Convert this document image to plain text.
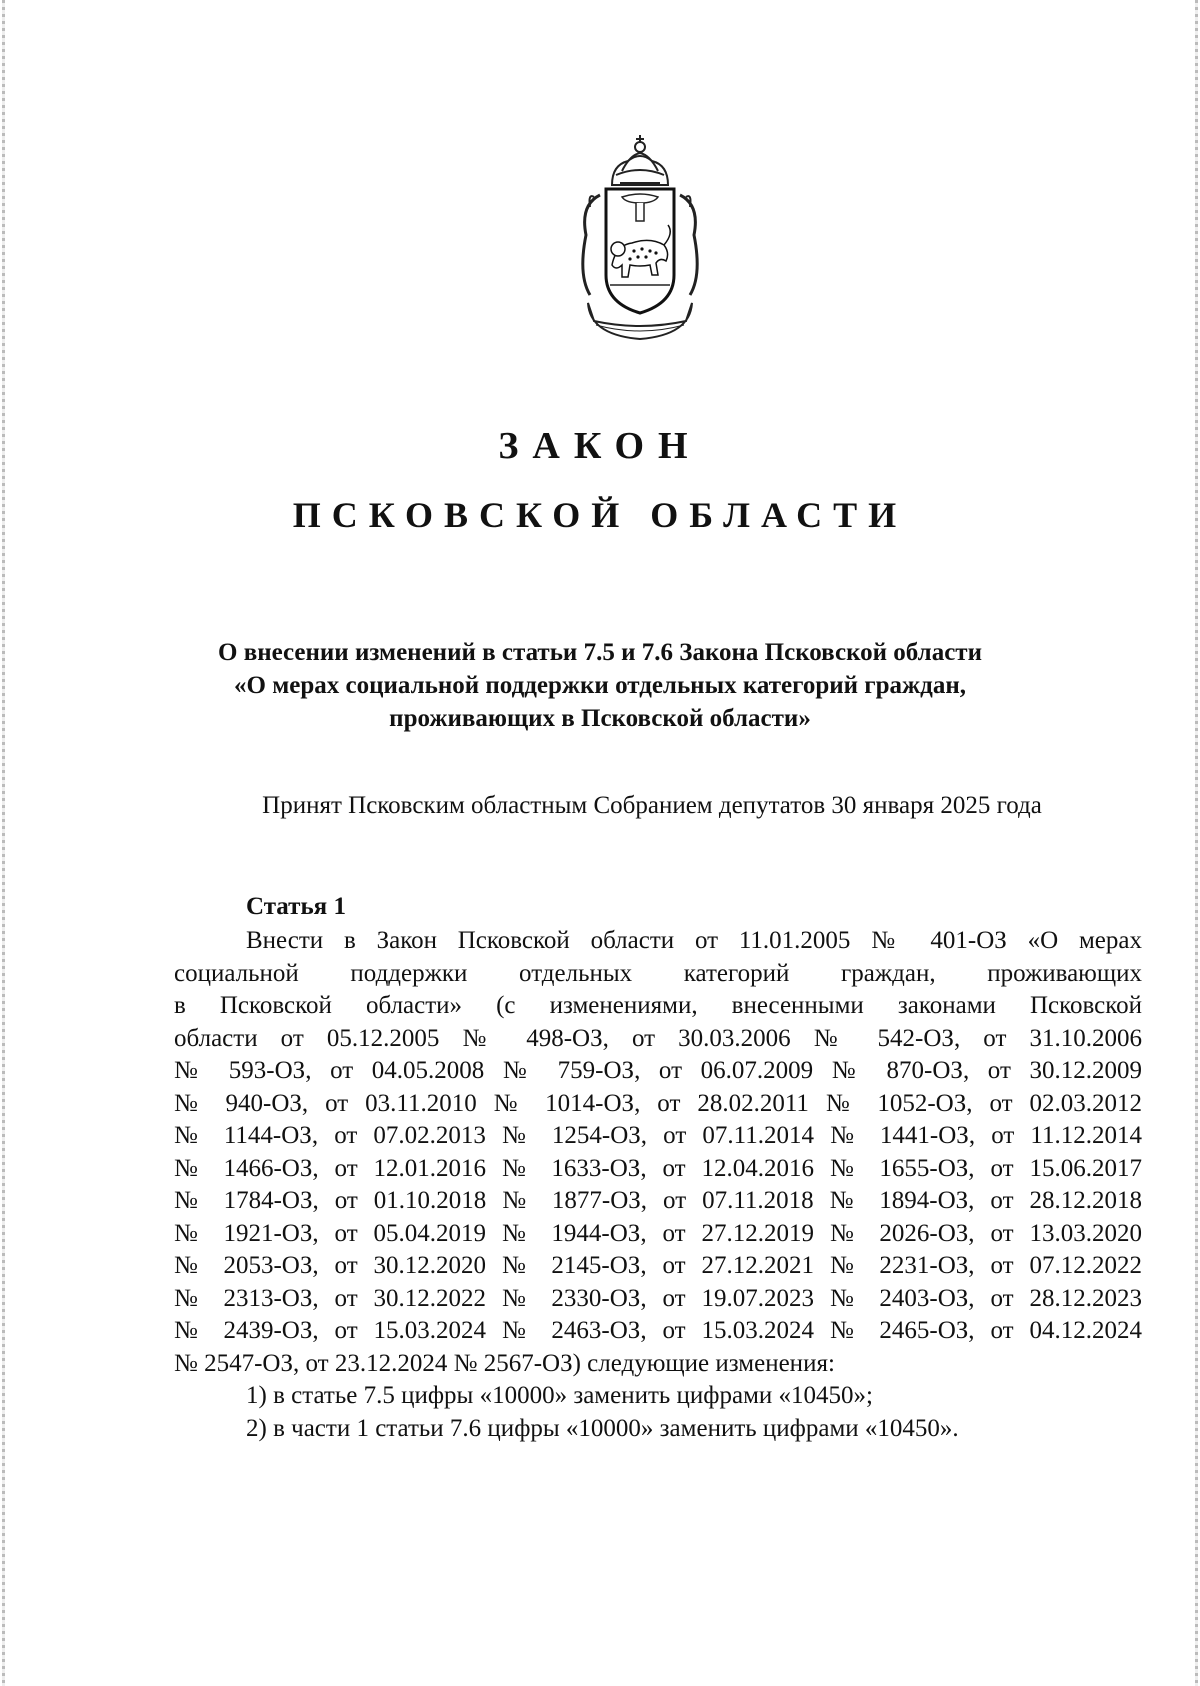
ЗАКОН
ПСКОВСКОЙ ОБЛАСТИ
О внесении изменений в статьи 7.5 и 7.6 Закона Псковской области
«О мерах социальной поддержки отдельных категорий граждан,
проживающих в Псковской области»
Принят Псковским областным Собранием депутатов 30 января 2025 года
Статья 1
Внести в Закон Псковской области от 11.01.2005 № 401-ОЗ «О мерах
социальной поддержки отдельных категорий граждан, проживающих
в Псковской области» (с изменениями, внесенными законами Псковской
области от 05.12.2005 № 498-ОЗ, от 30.03.2006 № 542-ОЗ, от 31.10.2006
№ 593-ОЗ, от 04.05.2008 № 759-ОЗ, от 06.07.2009 № 870-ОЗ, от 30.12.2009
№ 940-ОЗ, от 03.11.2010 № 1014-ОЗ, от 28.02.2011 № 1052-ОЗ, от 02.03.2012
№ 1144-ОЗ, от 07.02.2013 № 1254-ОЗ, от 07.11.2014 № 1441-ОЗ, от 11.12.2014
№ 1466-ОЗ, от 12.01.2016 № 1633-ОЗ, от 12.04.2016 № 1655-ОЗ, от 15.06.2017
№ 1784-ОЗ, от 01.10.2018 № 1877-ОЗ, от 07.11.2018 № 1894-ОЗ, от 28.12.2018
№ 1921-ОЗ, от 05.04.2019 № 1944-ОЗ, от 27.12.2019 № 2026-ОЗ, от 13.03.2020
№ 2053-ОЗ, от 30.12.2020 № 2145-ОЗ, от 27.12.2021 № 2231-ОЗ, от 07.12.2022
№ 2313-ОЗ, от 30.12.2022 № 2330-ОЗ, от 19.07.2023 № 2403-ОЗ, от 28.12.2023
№ 2439-ОЗ, от 15.03.2024 № 2463-ОЗ, от 15.03.2024 № 2465-ОЗ, от 04.12.2024
№ 2547-ОЗ, от 23.12.2024 № 2567-ОЗ) следующие изменения:
1) в статье 7.5 цифры «10000» заменить цифрами «10450»;
2) в части 1 статьи 7.6 цифры «10000» заменить цифрами «10450».
